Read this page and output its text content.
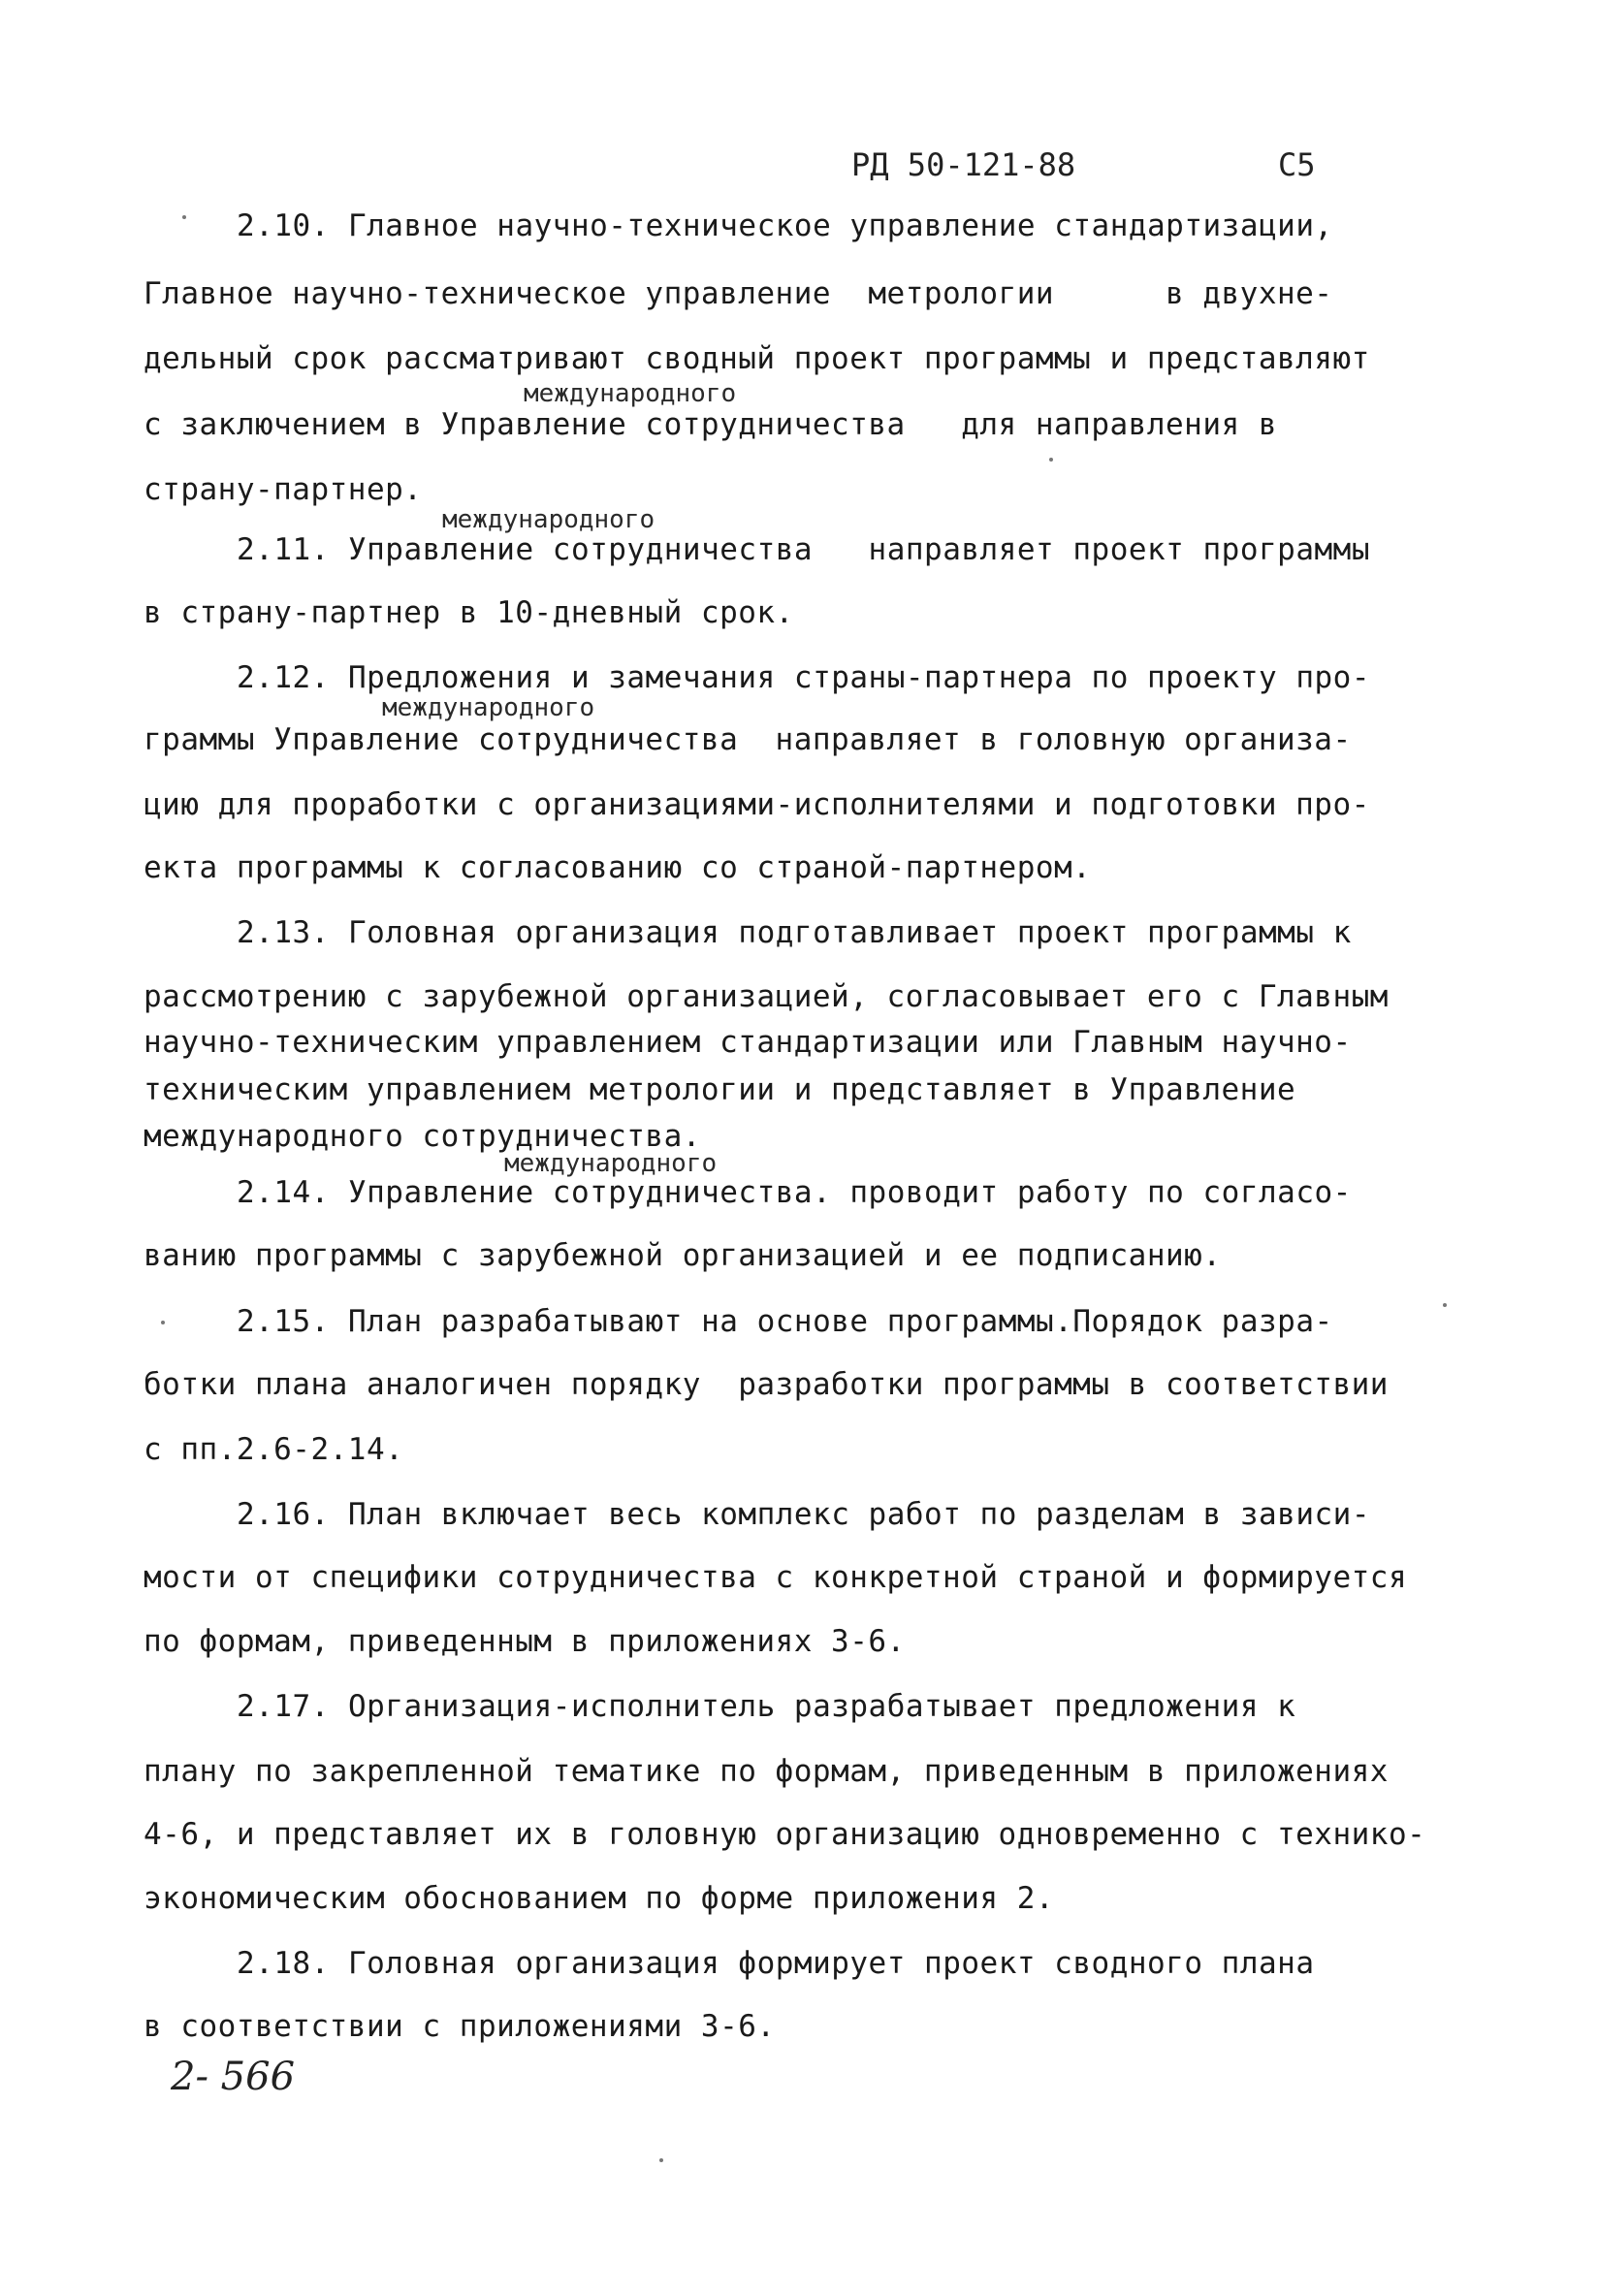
РД 50-121-88	С5
2.10. Главное научно-техническое управление стандартизации,
Главное научно-техническое управление  метрологии      в двухне-
дельный срок рассматривают сводный проект программы и представляют
международного
с заключением в Управление сотрудничества   для направления в
страну-партнер.
международного
2.11. Управление сотрудничества   направляет проект программы
в страну-партнер в 10-дневный срок.
2.12. Предложения и замечания страны-партнера по проекту про-
международного
граммы Управление сотрудничества  направляет в головную организа-
цию для проработки с организациями-исполнителями и подготовки про-
екта программы к согласованию со страной-партнером.
2.13. Головная организация подготавливает проект программы к
рассмотрению с зарубежной организацией, согласовывает его с Главным
научно-техническим управлением стандартизации или Главным научно-
техническим управлением метрологии и представляет в Управление
международного сотрудничества.
международного
2.14. Управление сотрудничества. проводит работу по согласо-
ванию программы с зарубежной организацией и ее подписанию.
2.15. План разрабатывают на основе программы.Порядок разра-
ботки плана аналогичен порядку  разработки программы в соответствии
с пп.2.6-2.14.
2.16. План включает весь комплекс работ по разделам в зависи-
мости от специфики сотрудничества с конкретной страной и формируется
по формам, приведенным в приложениях 3-6.
2.17. Организация-исполнитель разрабатывает предложения к
плану по закрепленной тематике по формам, приведенным в приложениях
4-6, и представляет их в головную организацию одновременно с технико-
экономическим обоснованием по форме приложения 2.
2.18. Головная организация формирует проект сводного плана
в соответствии с приложениями 3-6.
2- 566
